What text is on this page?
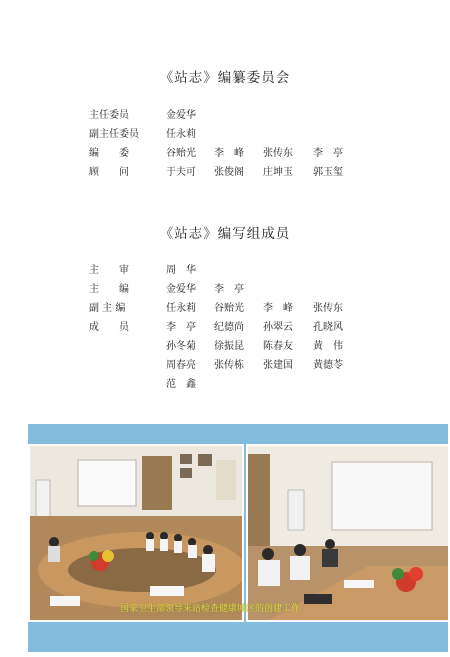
《站志》编纂委员会
主任委员	金爱华
副主任委员	任永莉
编　　委	谷贻光 李　峰 张传东 李　亭
顾　　问	于夫可 张俊阁 庄坤玉 郭玉玺
《站志》编写组成员
主　　审	周　华
主　　编	金爱华 李　亭
副 主 编	任永莉 谷贻光 李　峰 张传东
成　　员	李　亭 纪德尚 孙翠云 孔晓风
孙冬菊 徐振昆 陈春友 黄　伟
周春亮 张传栋 张建国 黄德苓
范　鑫
国家卫生部领导来站检查健康城区的创建工作
